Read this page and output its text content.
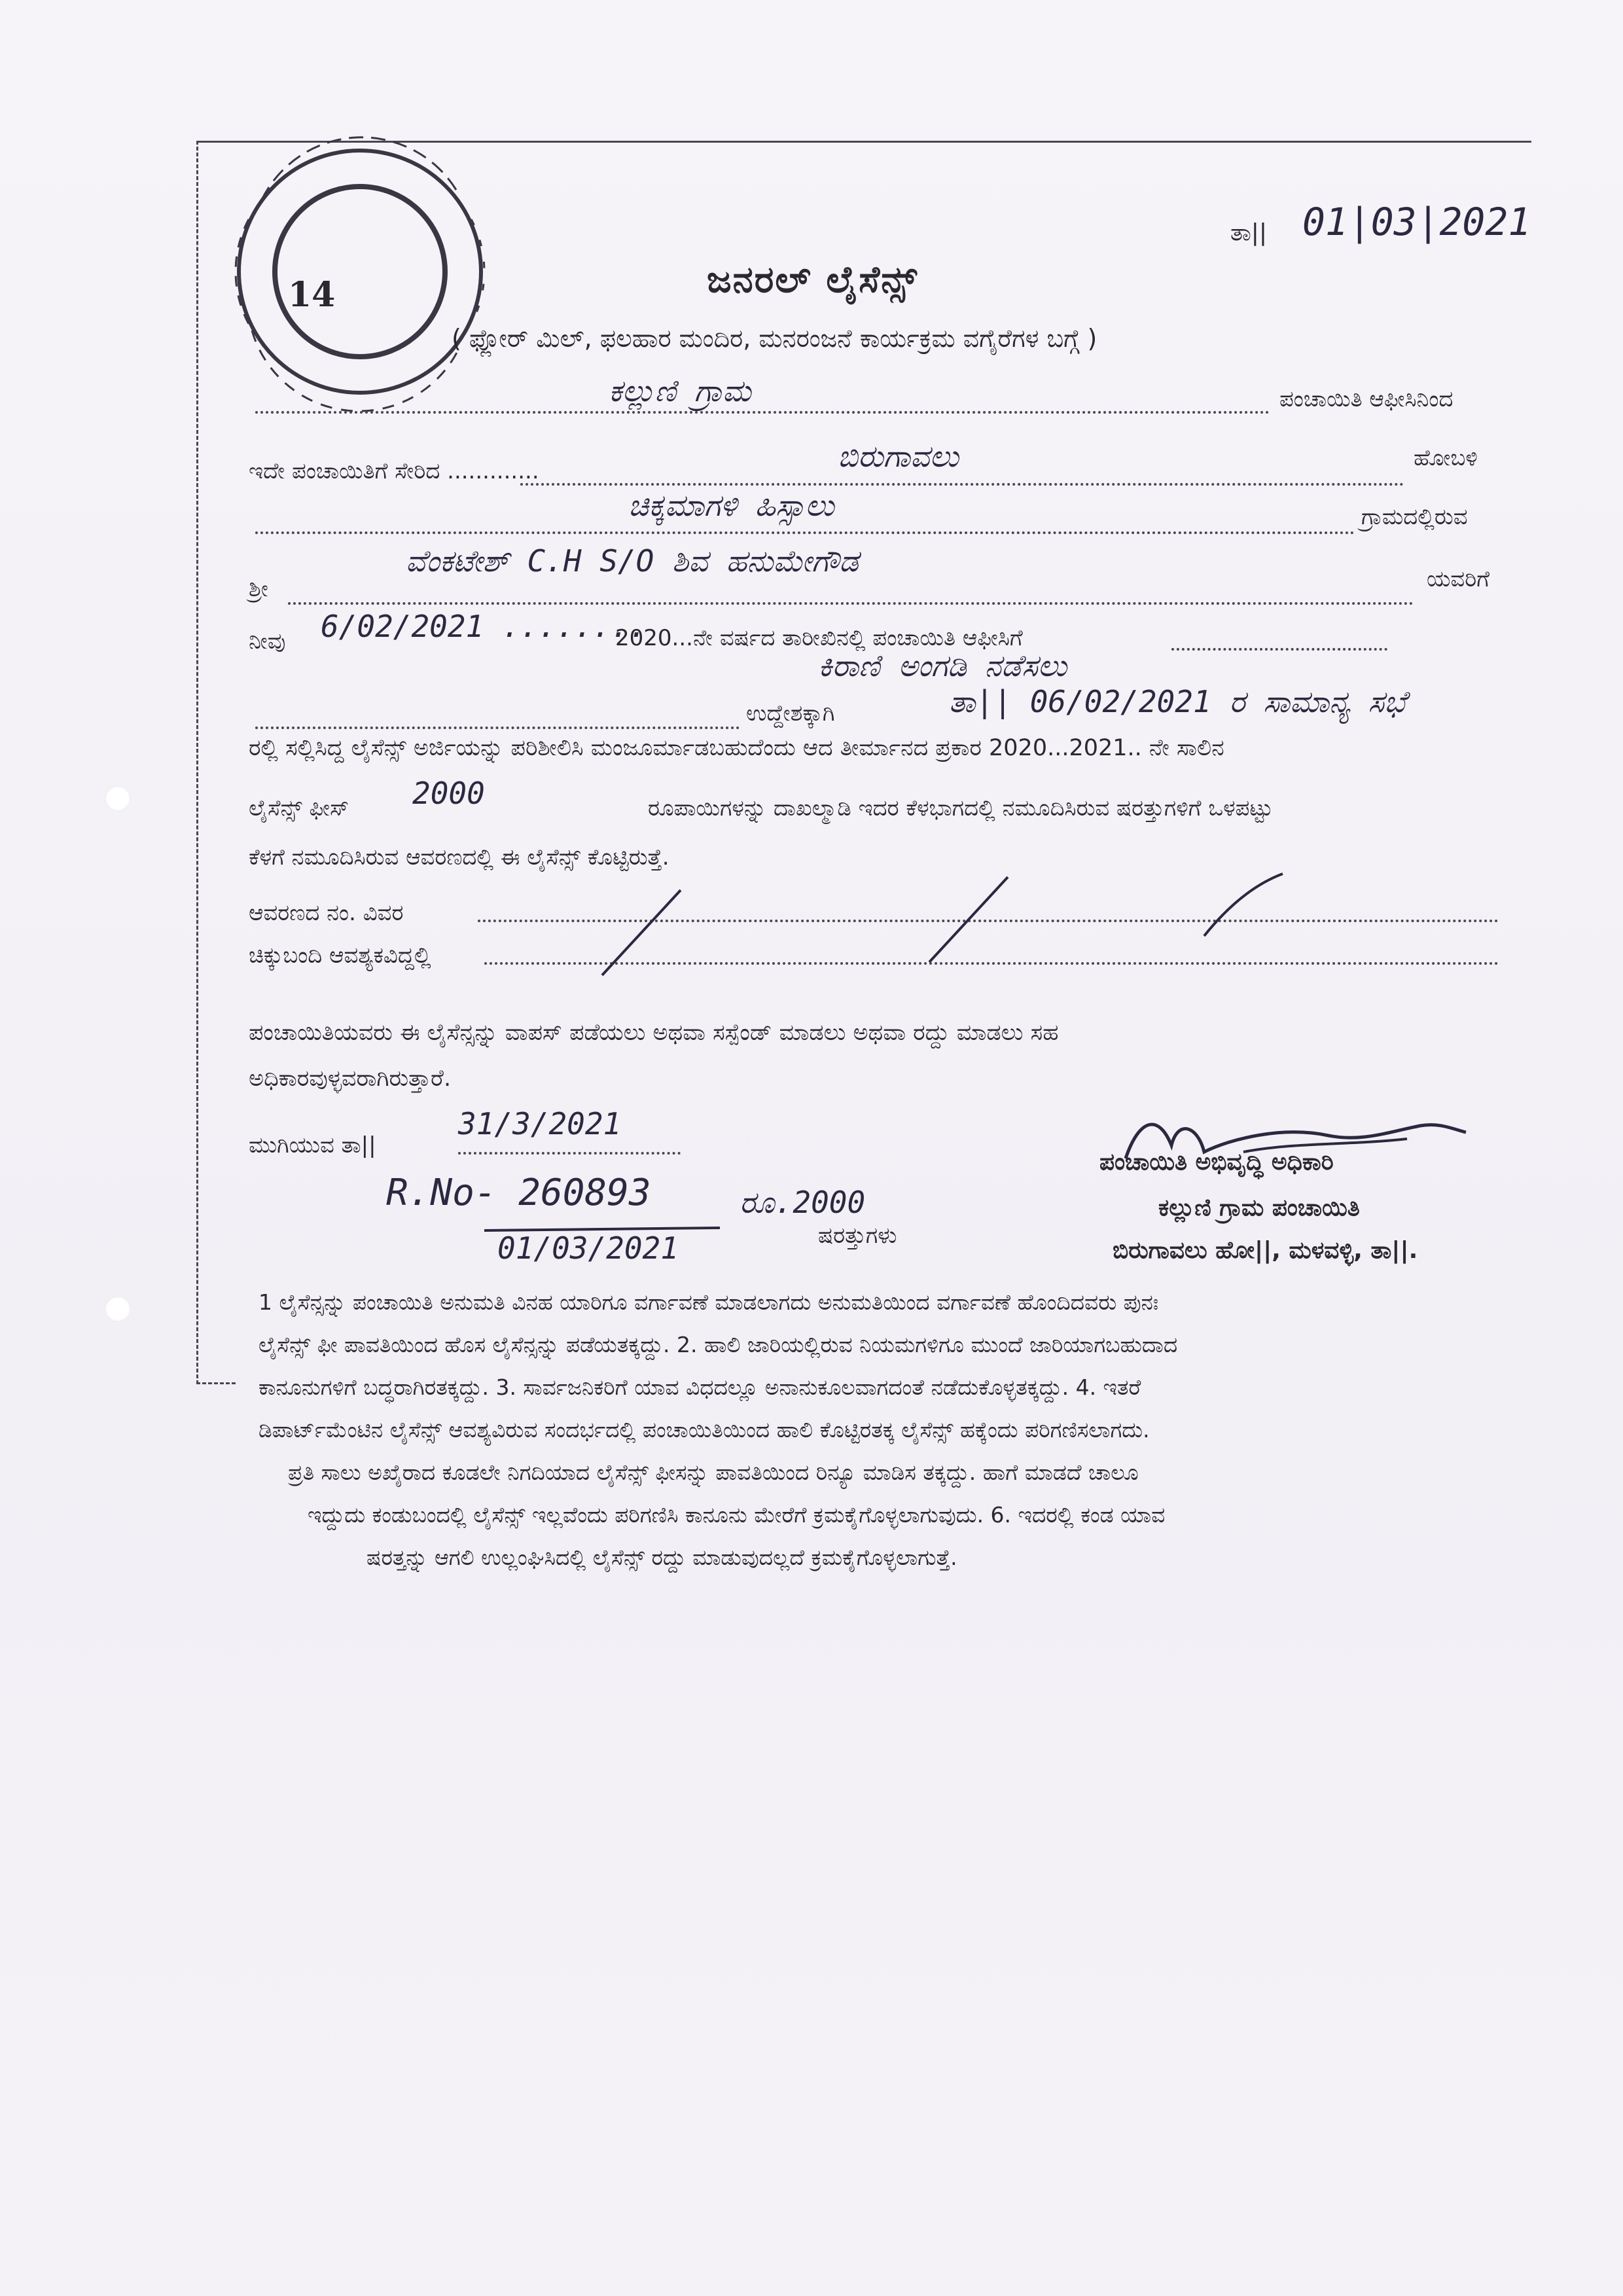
14
ತಾ|| 01|03|2021
ಜನರಲ್ ಲೈಸೆನ್ಸ್
( ಫ್ಲೋರ್ ಮಿಲ್, ಫಲಹಾರ ಮಂದಿರ, ಮನರಂಜನೆ ಕಾರ್ಯಕ್ರಮ ವಗೈರೆಗಳ ಬಗ್ಗೆ )
ಕಲ್ಲುಣಿ ಗ್ರಾಮ	ಪಂಚಾಯಿತಿ ಆಫೀಸಿನಿಂದ
ಇದೇ ಪಂಚಾಯಿತಿಗೆ ಸೇರಿದ .............	ಬಿರುಗಾವಲು	ಹೋಬಳಿ
ಚಿಕ್ಕಮಾಗಳಿ ಹಿಸ್ಸಾಲು	ಗ್ರಾಮದಲ್ಲಿರುವ
ಶ್ರೀ
ವೆಂಕಟೇಶ್ C.H S/O ಶಿವ ಹನುಮೇಗೌಡ
ಯವರಿಗೆ
ನೀವು 6/02/2021 ........
2020...ನೇ ವರ್ಷದ ತಾರೀಖಿನಲ್ಲಿ ಪಂಚಾಯಿತಿ ಆಫೀಸಿಗೆ
ಕಿರಾಣಿ ಅಂಗಡಿ ನಡೆಸಲು
ಉದ್ದೇಶಕ್ಕಾಗಿ	ತಾ|| 06/02/2021 ರ ಸಾಮಾನ್ಯ ಸಭೆ
ರಲ್ಲಿ ಸಲ್ಲಿಸಿದ್ದ ಲೈಸೆನ್ಸ್ ಅರ್ಜಿಯನ್ನು ಪರಿಶೀಲಿಸಿ ಮಂಜೂರ್ಮಾಡಬಹುದೆಂದು ಆದ ತೀರ್ಮಾನದ ಪ್ರಕಾರ 2020...2021.. ನೇ ಸಾಲಿನ
ಲೈಸೆನ್ಸ್ ಫೀಸ್ 2000	ರೂಪಾಯಿಗಳನ್ನು ದಾಖಲ್ಮಾಡಿ ಇದರ ಕೆಳಭಾಗದಲ್ಲಿ ನಮೂದಿಸಿರುವ ಷರತ್ತುಗಳಿಗೆ ಒಳಪಟ್ಟು
ಕೆಳಗೆ ನಮೂದಿಸಿರುವ ಆವರಣದಲ್ಲಿ ಈ ಲೈಸೆನ್ಸ್ ಕೊಟ್ಟಿರುತ್ತೆ.
ಆವರಣದ ನಂ. ವಿವರ
ಚಿಕ್ಕುಬಂದಿ ಆವಶ್ಯಕವಿದ್ದಲ್ಲಿ
ಪಂಚಾಯಿತಿಯವರು ಈ ಲೈಸೆನ್ಸನ್ನು ವಾಪಸ್ ಪಡೆಯಲು ಅಥವಾ ಸಸ್ಪೆಂಡ್ ಮಾಡಲು ಅಥವಾ ರದ್ದು ಮಾಡಲು ಸಹ
ಅಧಿಕಾರವುಳ್ಳವರಾಗಿರುತ್ತಾರೆ.
ಮುಗಿಯುವ ತಾ||
31/3/2021
R.No- 260893	ರೂ.2000
01/03/2021
ಪಂಚಾಯಿತಿ ಅಭಿವೃದ್ಧಿ ಅಧಿಕಾರಿ
ಕಲ್ಲುಣಿ ಗ್ರಾಮ ಪಂಚಾಯಿತಿ
ಬಿರುಗಾವಲು ಹೋ||, ಮಳವಳ್ಳಿ, ತಾ||.
ಷರತ್ತುಗಳು
1 ಲೈಸೆನ್ಸನ್ನು ಪಂಚಾಯಿತಿ ಅನುಮತಿ ವಿನಹ ಯಾರಿಗೂ ವರ್ಗಾವಣೆ ಮಾಡಲಾಗದು ಅನುಮತಿಯಿಂದ ವರ್ಗಾವಣೆ ಹೊಂದಿದವರು ಪುನಃ
ಲೈಸೆನ್ಸ್ ಫೀ ಪಾವತಿಯಿಂದ ಹೊಸ ಲೈಸೆನ್ಸನ್ನು ಪಡೆಯತಕ್ಕದ್ದು. 2. ಹಾಲಿ ಜಾರಿಯಲ್ಲಿರುವ ನಿಯಮಗಳಿಗೂ ಮುಂದೆ ಜಾರಿಯಾಗಬಹುದಾದ
ಕಾನೂನುಗಳಿಗೆ ಬದ್ಧರಾಗಿರತಕ್ಕದ್ದು. 3. ಸಾರ್ವಜನಿಕರಿಗೆ ಯಾವ ವಿಧದಲ್ಲೂ ಅನಾನುಕೂಲವಾಗದಂತೆ ನಡೆದುಕೊಳ್ಳತಕ್ಕದ್ದು. 4. ಇತರೆ
ಡಿಪಾರ್ಟ್‌ಮೆಂಟಿನ ಲೈಸೆನ್ಸ್ ಆವಶ್ಯವಿರುವ ಸಂದರ್ಭದಲ್ಲಿ ಪಂಚಾಯಿತಿಯಿಂದ ಹಾಲಿ ಕೊಟ್ಟಿರತಕ್ಕ ಲೈಸೆನ್ಸ್ ಹಕ್ಕೆಂದು ಪರಿಗಣಿಸಲಾಗದು.
ಪ್ರತಿ ಸಾಲು ಅಖೈರಾದ ಕೂಡಲೇ ನಿಗದಿಯಾದ ಲೈಸೆನ್ಸ್ ಫೀಸನ್ನು ಪಾವತಿಯಿಂದ ರಿನ್ಯೂ ಮಾಡಿಸ ತಕ್ಕದ್ದು. ಹಾಗೆ ಮಾಡದೆ ಚಾಲೂ
ಇದ್ದುದು ಕಂಡುಬಂದಲ್ಲಿ ಲೈಸೆನ್ಸ್ ಇಲ್ಲವೆಂದು ಪರಿಗಣಿಸಿ ಕಾನೂನು ಮೇರೆಗೆ ಕ್ರಮಕೈಗೊಳ್ಳಲಾಗುವುದು. 6. ಇದರಲ್ಲಿ ಕಂಡ ಯಾವ
ಷರತ್ತನ್ನು ಆಗಲಿ ಉಲ್ಲಂಘಿಸಿದಲ್ಲಿ ಲೈಸೆನ್ಸ್ ರದ್ದು ಮಾಡುವುದಲ್ಲದೆ ಕ್ರಮಕೈಗೊಳ್ಳಲಾಗುತ್ತೆ.
